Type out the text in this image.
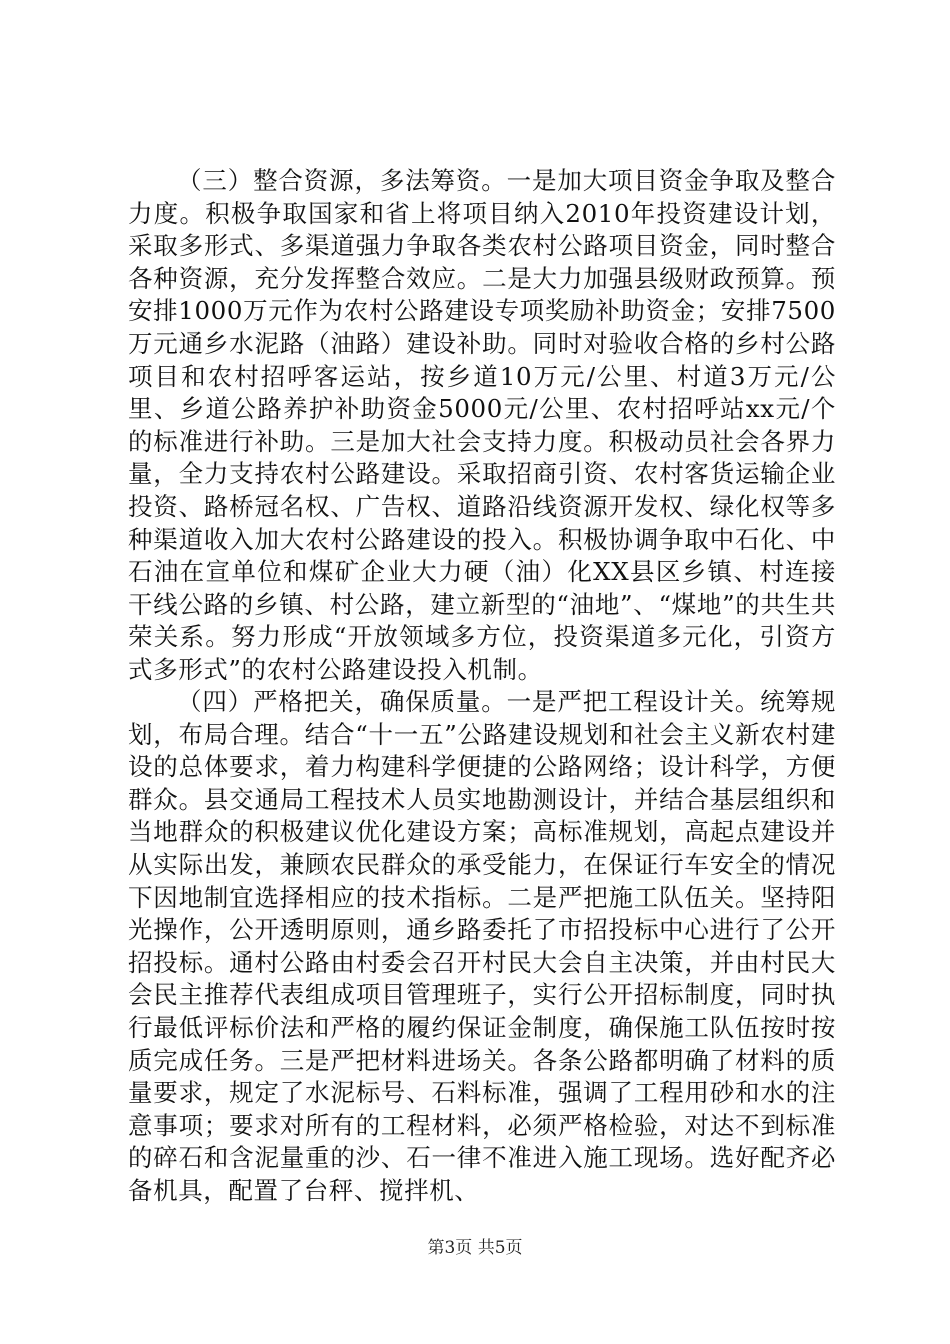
（三）整合资源，多法筹资。一是加大项目资金争取及整合力度。积极争取国家和省上将项目纳入2010年投资建设计划，采取多形式、多渠道强力争取各类农村公路项目资金，同时整合各种资源，充分发挥整合效应。二是大力加强县级财政预算。预安排1000万元作为农村公路建设专项奖励补助资金；安排7500万元通乡水泥路（油路）建设补助。同时对验收合格的乡村公路项目和农村招呼客运站，按乡道10万元/公里、村道3万元/公里、乡道公路养护补助资金5000元/公里、农村招呼站xx元/个的标准进行补助。三是加大社会支持力度。积极动员社会各界力量，全力支持农村公路建设。采取招商引资、农村客货运输企业投资、路桥冠名权、广告权、道路沿线资源开发权、绿化权等多种渠道收入加大农村公路建设的投入。积极协调争取中石化、中石油在宣单位和煤矿企业大力硬（油）化XX县区乡镇、村连接干线公路的乡镇、村公路，建立新型的“油地”、“煤地”的共生共荣关系。努力形成“开放领域多方位，投资渠道多元化，引资方式多形式”的农村公路建设投入机制。

（四）严格把关，确保质量。一是严把工程设计关。统筹规划，布局合理。结合“十一五”公路建设规划和社会主义新农村建设的总体要求，着力构建科学便捷的公路网络；设计科学，方便群众。县交通局工程技术人员实地勘测设计，并结合基层组织和当地群众的积极建议优化建设方案；高标准规划，高起点建设并从实际出发，兼顾农民群众的承受能力，在保证行车安全的情况下因地制宜选择相应的技术指标。二是严把施工队伍关。坚持阳光操作，公开透明原则，通乡路委托了市招投标中心进行了公开招投标。通村公路由村委会召开村民大会自主决策，并由村民大会民主推荐代表组成项目管理班子，实行公开招标制度，同时执行最低评标价法和严格的履约保证金制度，确保施工队伍按时按质完成任务。三是严把材料进场关。各条公路都明确了材料的质量要求，规定了水泥标号、石料标准，强调了工程用砂和水的注意事项；要求对所有的工程材料，必须严格检验，对达不到标准的碎石和含泥量重的沙、石一律不准进入施工现场。选好配齐必备机具，配置了台秤、搅拌机、

第3页 共5页
